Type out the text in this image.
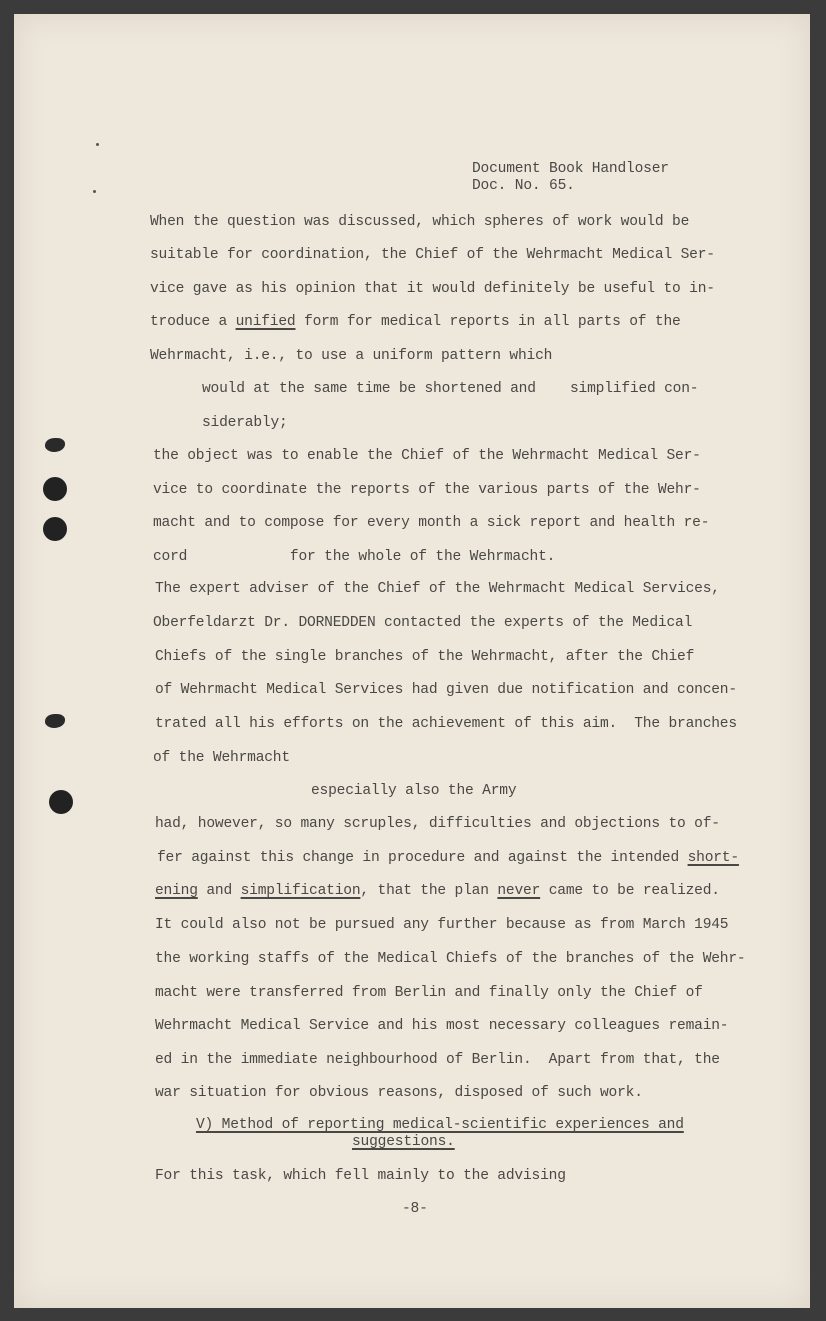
Document Book Handloser
Doc. No. 65.
When the question was discussed, which spheres of work would be
suitable for coordination, the Chief of the Wehrmacht Medical Ser-
vice gave as his opinion that it would definitely be useful to in-
troduce a unified form for medical reports in all parts of the
Wehrmacht, i.e., to use a uniform pattern which
would at the same time be shortened and    simplified con-
siderably;
the object was to enable the Chief of the Wehrmacht Medical Ser-
vice to coordinate the reports of the various parts of the Wehr-
macht and to compose for every month a sick report and health re-
cord            for the whole of the Wehrmacht.
The expert adviser of the Chief of the Wehrmacht Medical Services,
Oberfeldarzt Dr. DORNEDDEN contacted the experts of the Medical
Chiefs of the single branches of the Wehrmacht, after the Chief
of Wehrmacht Medical Services had given due notification and concen-
trated all his efforts on the achievement of this aim.  The branches
of the Wehrmacht
especially also the Army
had, however, so many scruples, difficulties and objections to of-
fer against this change in procedure and against the intended short-
ening and simplification, that the plan never came to be realized.
It could also not be pursued any further because as from March 1945
the working staffs of the Medical Chiefs of the branches of the Wehr-
macht were transferred from Berlin and finally only the Chief of
Wehrmacht Medical Service and his most necessary colleagues remain-
ed in the immediate neighbourhood of Berlin.  Apart from that, the
war situation for obvious reasons, disposed of such work.
V) Method of reporting medical-scientific experiences and
suggestions.
For this task, which fell mainly to the advising
-8-
